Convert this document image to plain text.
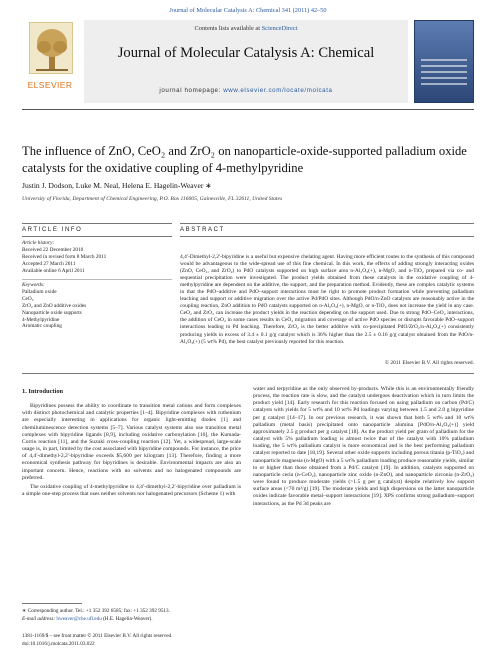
Journal of Molecular Catalysis A: Chemical 341 (2011) 42–50
ELSEVIER
Contents lists available at ScienceDirect
Journal of Molecular Catalysis A: Chemical
journal homepage: www.elsevier.com/locate/molcata
The influence of ZnO, CeO₂ and ZrO₂ on nanoparticle-oxide-supported palladium oxide catalysts for the oxidative coupling of 4-methylpyridine
Justin J. Dodson, Luke M. Neal, Helena E. Hagelin-Weaver ∗
University of Florida, Department of Chemical Engineering, P.O. Box 116005, Gainesville, FL 32611, United States
ARTICLE INFO	ABSTRACT
Article history:
Received 22 December 2010
Received in revised form 8 March 2011
Accepted 27 March 2011
Available online 6 April 2011
Keywords:
Palladium oxide
CeO₂
ZrO₂ and ZnO additive oxides
Nanoparticle oxide supports
4-Methylpyridine
Aromatic coupling
4,4′-Dimethyl-2,2′-bipyridine is a useful but expensive chelating agent. Having more efficient routes to the synthesis of this compound would be advantageous to the wide-spread use of this fine chemical. In this work, the effects of adding strongly interacting oxides (ZnO, CeO₂, and ZrO₂) to PdO catalysts supported on high surface area n-Al₂O₃(+), n-MgO, and n-TiO₂ prepared via co- and sequential precipitation were investigated. The product yields obtained from these catalysts in the oxidative coupling of 4-methylpyridine are dependent on the additive, the support, and the preparation method. Evidently, these are complex catalytic systems in that the PdO–additive and PdO–support interactions must be right to promote product formation while preventing palladium leaching and support or additive migration over the active Pd/PdO sites. Although PdO/n-ZnO catalysts are reasonably active in the coupling reaction, ZnO addition to PdO catalysts supported on n-Al₂O₃(+), n-MgO, or n-TiO₂ does not increase the yield in any case. CeO₂ and ZrO₂ can increase the product yields in the reaction depending on the support used. Due to strong PdO–CeO₂ interactions, the addition of CeO₂ in some cases results in CeO₂ migration and coverage of active PdO species or disrupts favorable PdO–support interactions leading to Pd leaching. Therefore, ZrO₂ is the better additive with co-precipitated PdO/ZrO₂/n-Al₂O₃(+) consistently producing yields in excess of 3.4 ± 0.1 g/g catalyst which is 36% higher than the 2.5 ± 0.16 g/g catalyst obtained from the PdO/n-Al₂O₃(+) (5 wt% Pd), the best catalyst previously reported for this reaction.
© 2011 Elsevier B.V. All rights reserved.
1. Introduction

Bipyridines possess the ability to coordinate to transition metal cations and form complexes with distinct photochemical and catalytic properties [1–4]. Bipyridine complexes with ruthenium are especially interesting in applications for organic light-emitting diodes [1] and chemiluminescence detection systems [5–7]. Various catalyst systems also use transition metal complexes with bipyridine ligands [8,9], including oxidative carbonylation [10], the Kumada-Corriu reaction [11], and the Suzuki cross-coupling reaction [12]. Yet, a widespread, large-scale usage is, in part, limited by the cost associated with bipyridine compounds. For instance, the price of 4,4′-dimethyl-2,2′-bipyridine exceeds $5,600 per kilogram [13]. Therefore, finding a more economical synthesis pathway for bipyridines is desirable. Environmental impacts are also an important concern. Hence, reactions with no solvents and no halogenated compounds are preferred.

The oxidative coupling of 4-methylpyridine to 4,4′-dimethyl-2,2′-bipyridine over palladium is a simple one-step process that uses neither solvents nor halogenated precursors (Scheme 1) with

water and terpyridine as the only observed by-products. While this is an environmentally friendly process, the reaction rate is slow, and the catalyst undergoes deactivation which in turn limits the product yield [14]. Early research for this reaction focused on using palladium on carbon (Pd/C) catalysts with yields for 5 wt% and 10 wt% Pd loadings varying between 1.5 and 2.0 g bipyridine per g catalyst [14–17]. In our previous research, it was shown that both 5 wt% and 10 wt% palladium (metal basis) precipitated onto nanoparticle alumina [PdO/n-Al₂O₃(+)] yield approximately 2.5 g product per g catalyst [18]. As the product yield per gram of palladium for the catalyst with 5% palladium loading is almost twice that of the catalyst with 10% palladium loading, the 5 wt% palladium catalyst is more economical and is the best performing palladium catalyst reported to date [18,19]. Several other oxide supports including porous titania (p-TiO₂) and nanoparticle magnesia (n-MgO) with a 5 wt% palladium loading produce reasonable yields, similar to or higher than those obtained from a Pd/C catalyst [19]. In addition, catalysts supported on nanoparticle ceria (n-CeO₂), nanoparticle zinc oxide (n-ZnO), and nanoparticle zirconia (n-ZrO₂) were found to produce moderate yields (>1.5 g per g catalyst) despite relatively low support surface areas (<70 m²/g) [19]. The moderate yields and high dispersions on the latter nanoparticle oxides indicate favorable metal–support interactions [19]. XPS confirms strong palladium–support interactions, as the Pd 3d peaks are

∗ Corresponding author. Tel.: +1 352 392 6585; fax: +1 352 392 9513.
E-mail address: hweaver@che.ufl.edu (H.E. Hagelin-Weaver).
1381-1169/$ – see front matter © 2011 Elsevier B.V. All rights reserved.
doi:10.1016/j.molcata.2011.03.022
